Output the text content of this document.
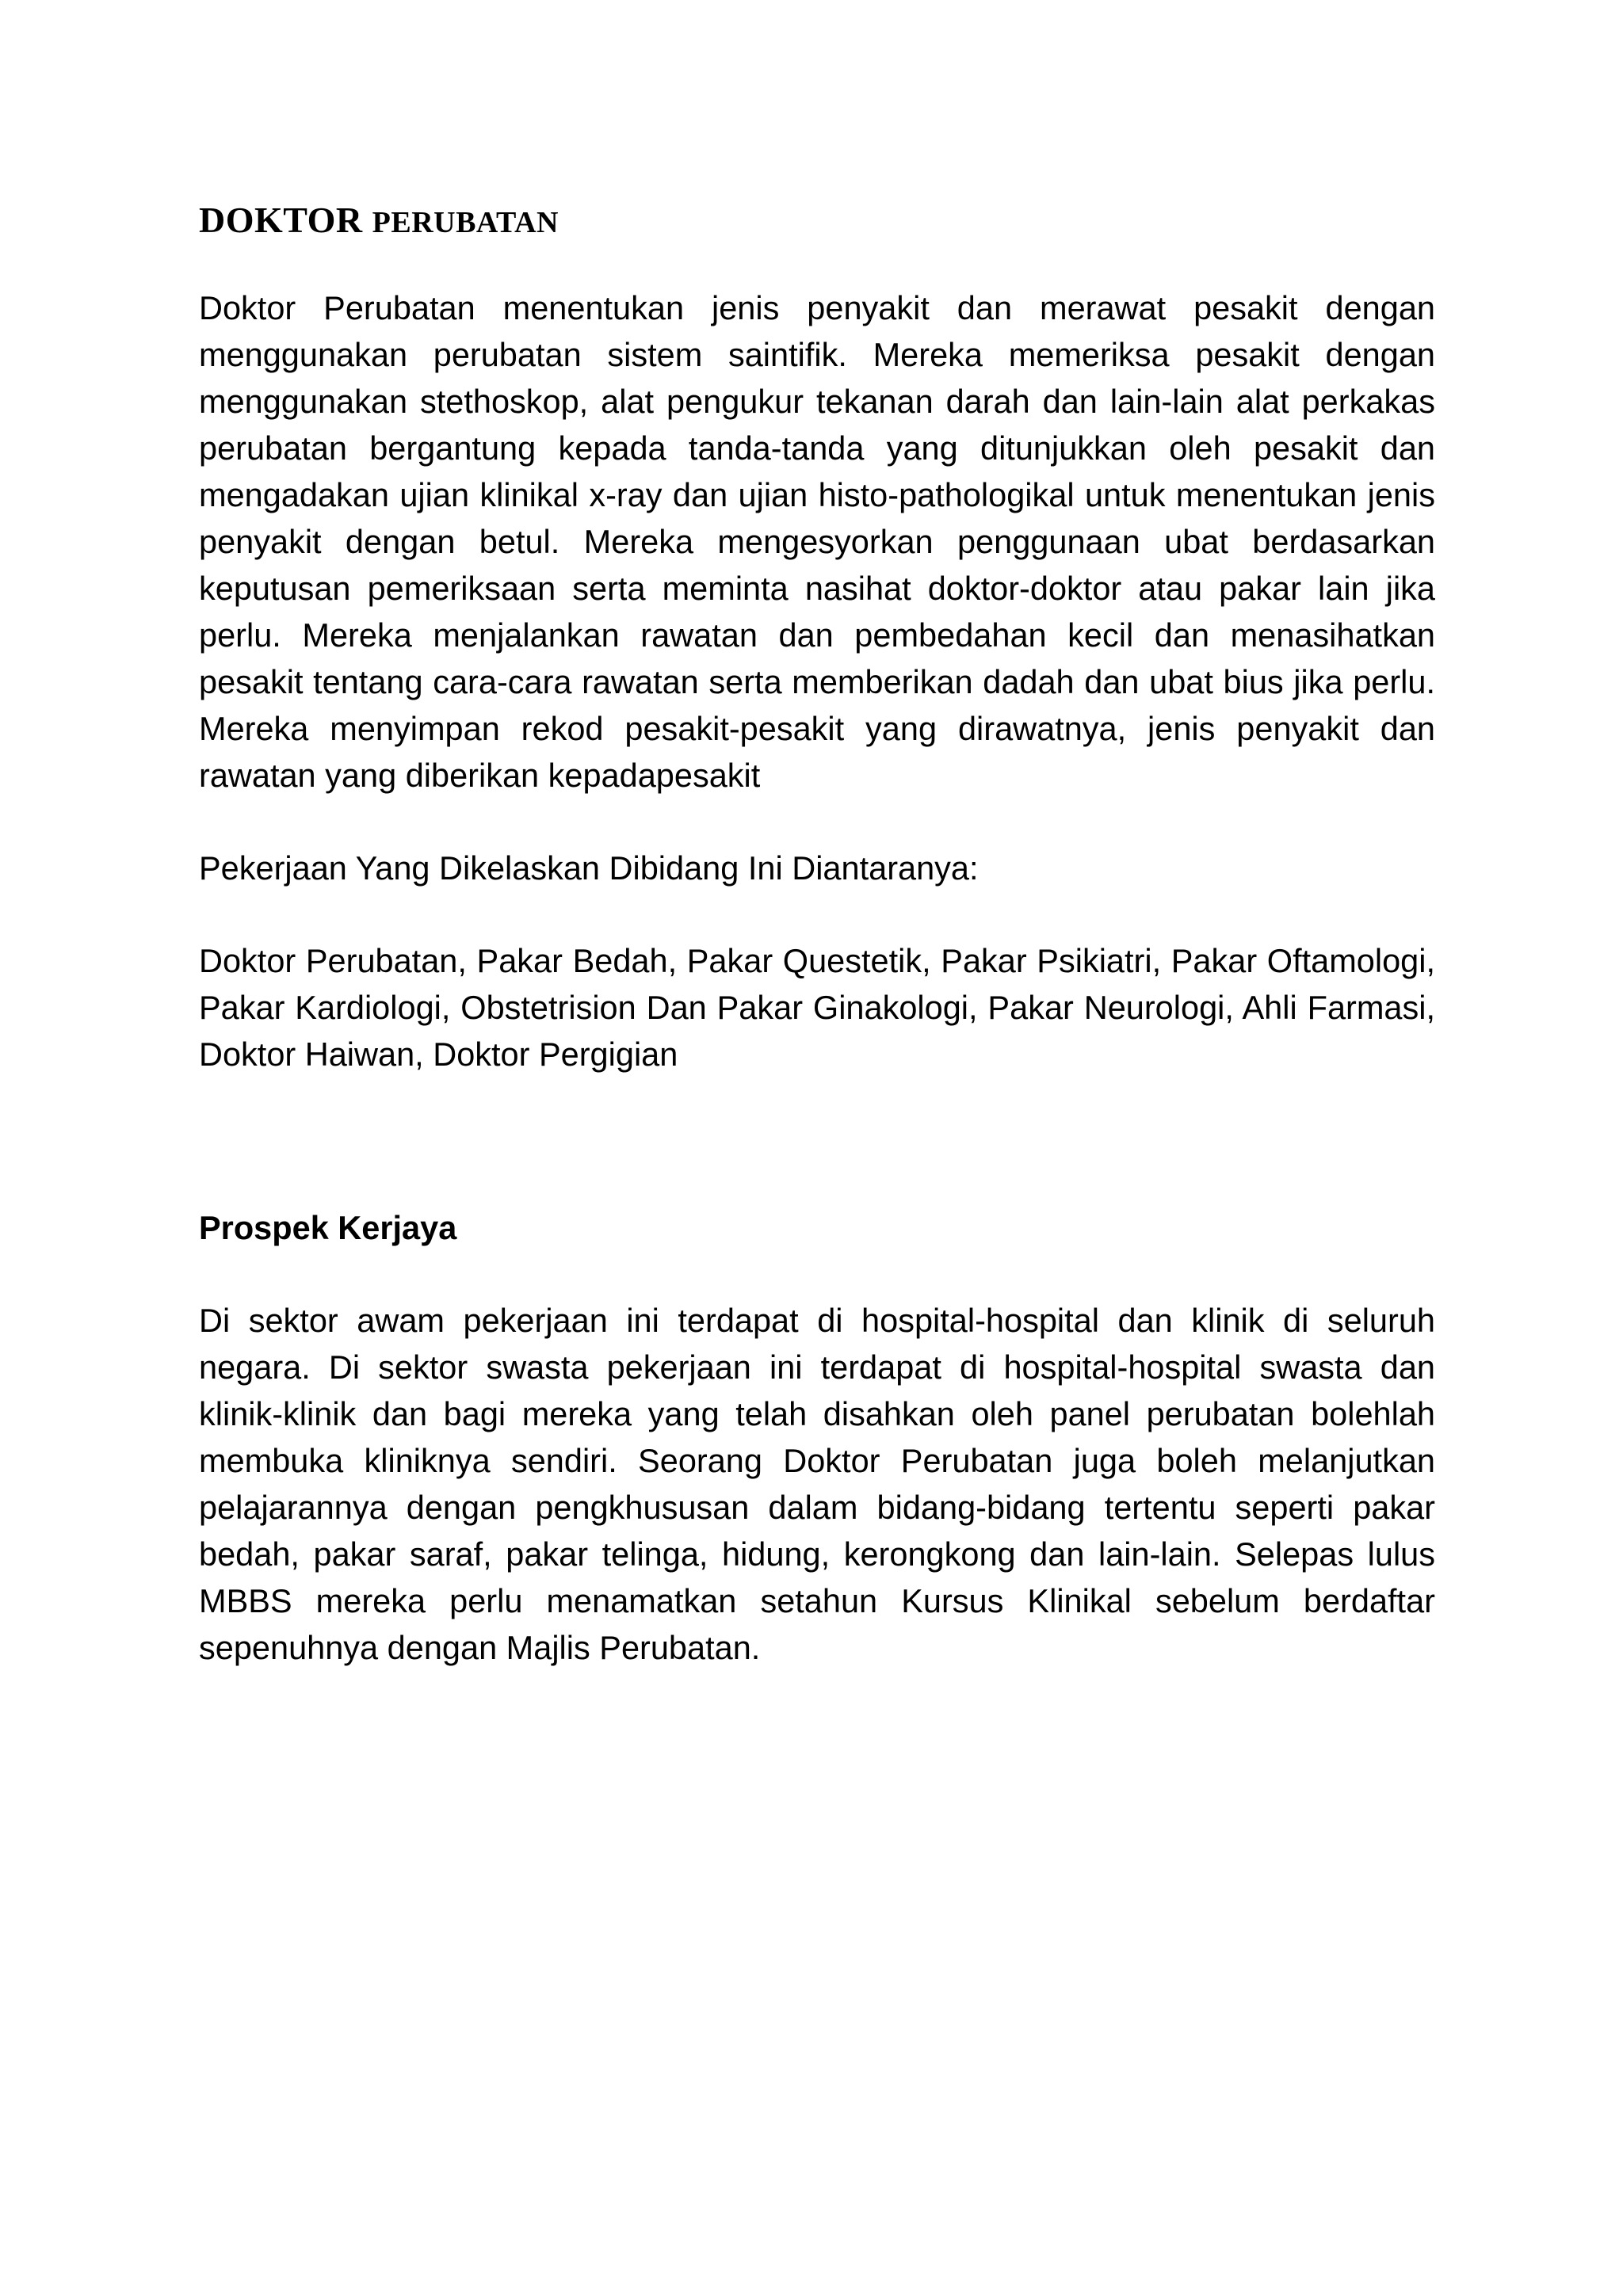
DOKTOR PERUBATAN

Doktor Perubatan menentukan jenis penyakit dan merawat pesakit dengan menggunakan perubatan sistem saintifik. Mereka memeriksa pesakit dengan menggunakan stethoskop, alat pengukur tekanan darah dan lain-lain alat perkakas perubatan bergantung kepada tanda-tanda yang ditunjukkan oleh pesakit dan mengadakan ujian klinikal x-ray dan ujian histo-pathologikal untuk menentukan jenis penyakit dengan betul. Mereka mengesyorkan penggunaan ubat berdasarkan keputusan pemeriksaan serta meminta nasihat doktor-doktor atau pakar lain jika perlu. Mereka menjalankan rawatan dan pembedahan kecil dan menasihatkan pesakit tentang cara-cara rawatan serta memberikan dadah dan ubat bius jika perlu. Mereka menyimpan rekod pesakit-pesakit yang dirawatnya, jenis penyakit dan rawatan yang diberikan kepadapesakit

Pekerjaan Yang Dikelaskan Dibidang Ini Diantaranya:

Doktor Perubatan, Pakar Bedah, Pakar Questetik, Pakar Psikiatri, Pakar Oftamologi, Pakar Kardiologi, Obstetrision Dan Pakar Ginakologi, Pakar Neurologi, Ahli Farmasi, Doktor Haiwan, Doktor Pergigian

Prospek Kerjaya

Di sektor awam pekerjaan ini terdapat di hospital-hospital dan klinik di seluruh negara. Di sektor swasta pekerjaan ini terdapat di hospital-hospital swasta dan klinik-klinik dan bagi mereka yang telah disahkan oleh panel perubatan bolehlah membuka kliniknya sendiri. Seorang Doktor Perubatan juga boleh melanjutkan pelajarannya dengan pengkhususan dalam bidang-bidang tertentu seperti pakar bedah, pakar saraf, pakar telinga, hidung, kerongkong dan lain-lain. Selepas lulus MBBS mereka perlu menamatkan setahun Kursus Klinikal sebelum berdaftar sepenuhnya dengan Majlis Perubatan.
